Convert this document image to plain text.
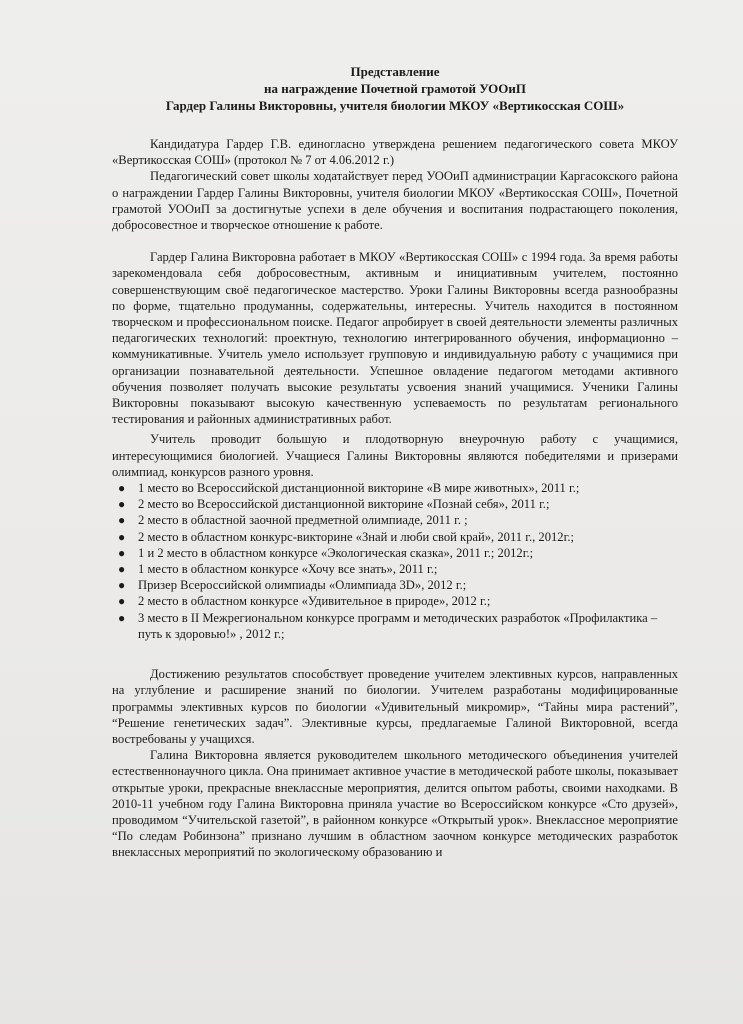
Представление
на награждение Почетной грамотой УООиП
Гардер Галины Викторовны, учителя биологии МКОУ «Вертикосская СОШ»

Кандидатура Гардер Г.В. единогласно утверждена решением педагогического совета МКОУ «Вертикосская СОШ» (протокол № 7 от 4.06.2012 г.)

Педагогический совет школы ходатайствует перед УООиП администрации Каргасокского района о награждении Гардер Галины Викторовны, учителя биологии МКОУ «Вертикосская СОШ», Почетной грамотой УООиП за достигнутые успехи в деле обучения и воспитания подрастающего поколения, добросовестное и творческое отношение к работе.

Гардер Галина Викторовна работает в МКОУ «Вертикосская СОШ» с 1994 года. За время работы зарекомендовала себя добросовестным, активным и инициативным учителем, постоянно совершенствующим своё педагогическое мастерство. Уроки Галины Викторовны всегда разнообразны по форме, тщательно продуманны, содержательны, интересны. Учитель находится в постоянном творческом и профессиональном поиске. Педагог апробирует в своей деятельности элементы различных педагогических технологий: проектную, технологию интегрированного обучения, информационно – коммуникативные. Учитель умело использует групповую и индивидуальную работу с учащимися при организации познавательной деятельности. Успешное овладение педагогом методами активного обучения позволяет получать высокие результаты усвоения знаний учащимися. Ученики Галины Викторовны показывают высокую качественную успеваемость по результатам регионального тестирования и районных административных работ.

Учитель проводит большую и плодотворную внеурочную работу с учащимися, интересующимися биологией. Учащиеся Галины Викторовны являются победителями и призерами олимпиад, конкурсов разного уровня.

● 1 место во Всероссийской дистанционной викторине «В мире животных», 2011 г.;
● 2 место во Всероссийской дистанционной викторине «Познай себя», 2011 г.;
● 2 место в областной заочной предметной олимпиаде, 2011 г. ;
● 2 место в областном конкурс-викторине «Знай и люби свой край», 2011 г., 2012г.;
● 1 и 2 место в областном конкурсе «Экологическая сказка», 2011 г.; 2012г.;
● 1 место в областном конкурсе «Хочу все знать», 2011 г.;
● Призер Всероссийской олимпиады «Олимпиада 3D», 2012 г.;
● 2 место в областном конкурсе «Удивительное в природе», 2012 г.;
● 3 место в II Межрегиональном конкурсе программ и методических разработок «Профилактика – путь к здоровью!» , 2012 г.;

Достижению результатов способствует проведение учителем элективных курсов, направленных на углубление и расширение знаний по биологии. Учителем разработаны модифицированные программы элективных курсов по биологии «Удивительный микромир», “Тайны мира растений”, “Решение генетических задач”. Элективные курсы, предлагаемые Галиной Викторовной, всегда востребованы у учащихся.

Галина Викторовна является руководителем школьного методического объединения учителей естественнонаучного цикла. Она принимает активное участие в методической работе школы, показывает открытые уроки, прекрасные внеклассные мероприятия, делится опытом работы, своими находками. В 2010-11 учебном году Галина Викторовна приняла участие во Всероссийском конкурсе «Сто друзей», проводимом “Учительской газетой”, в районном конкурсе «Открытый урок». Внеклассное мероприятие “По следам Робинзона” признано лучшим в областном заочном конкурсе методических разработок внеклассных мероприятий по экологическому образованию и
